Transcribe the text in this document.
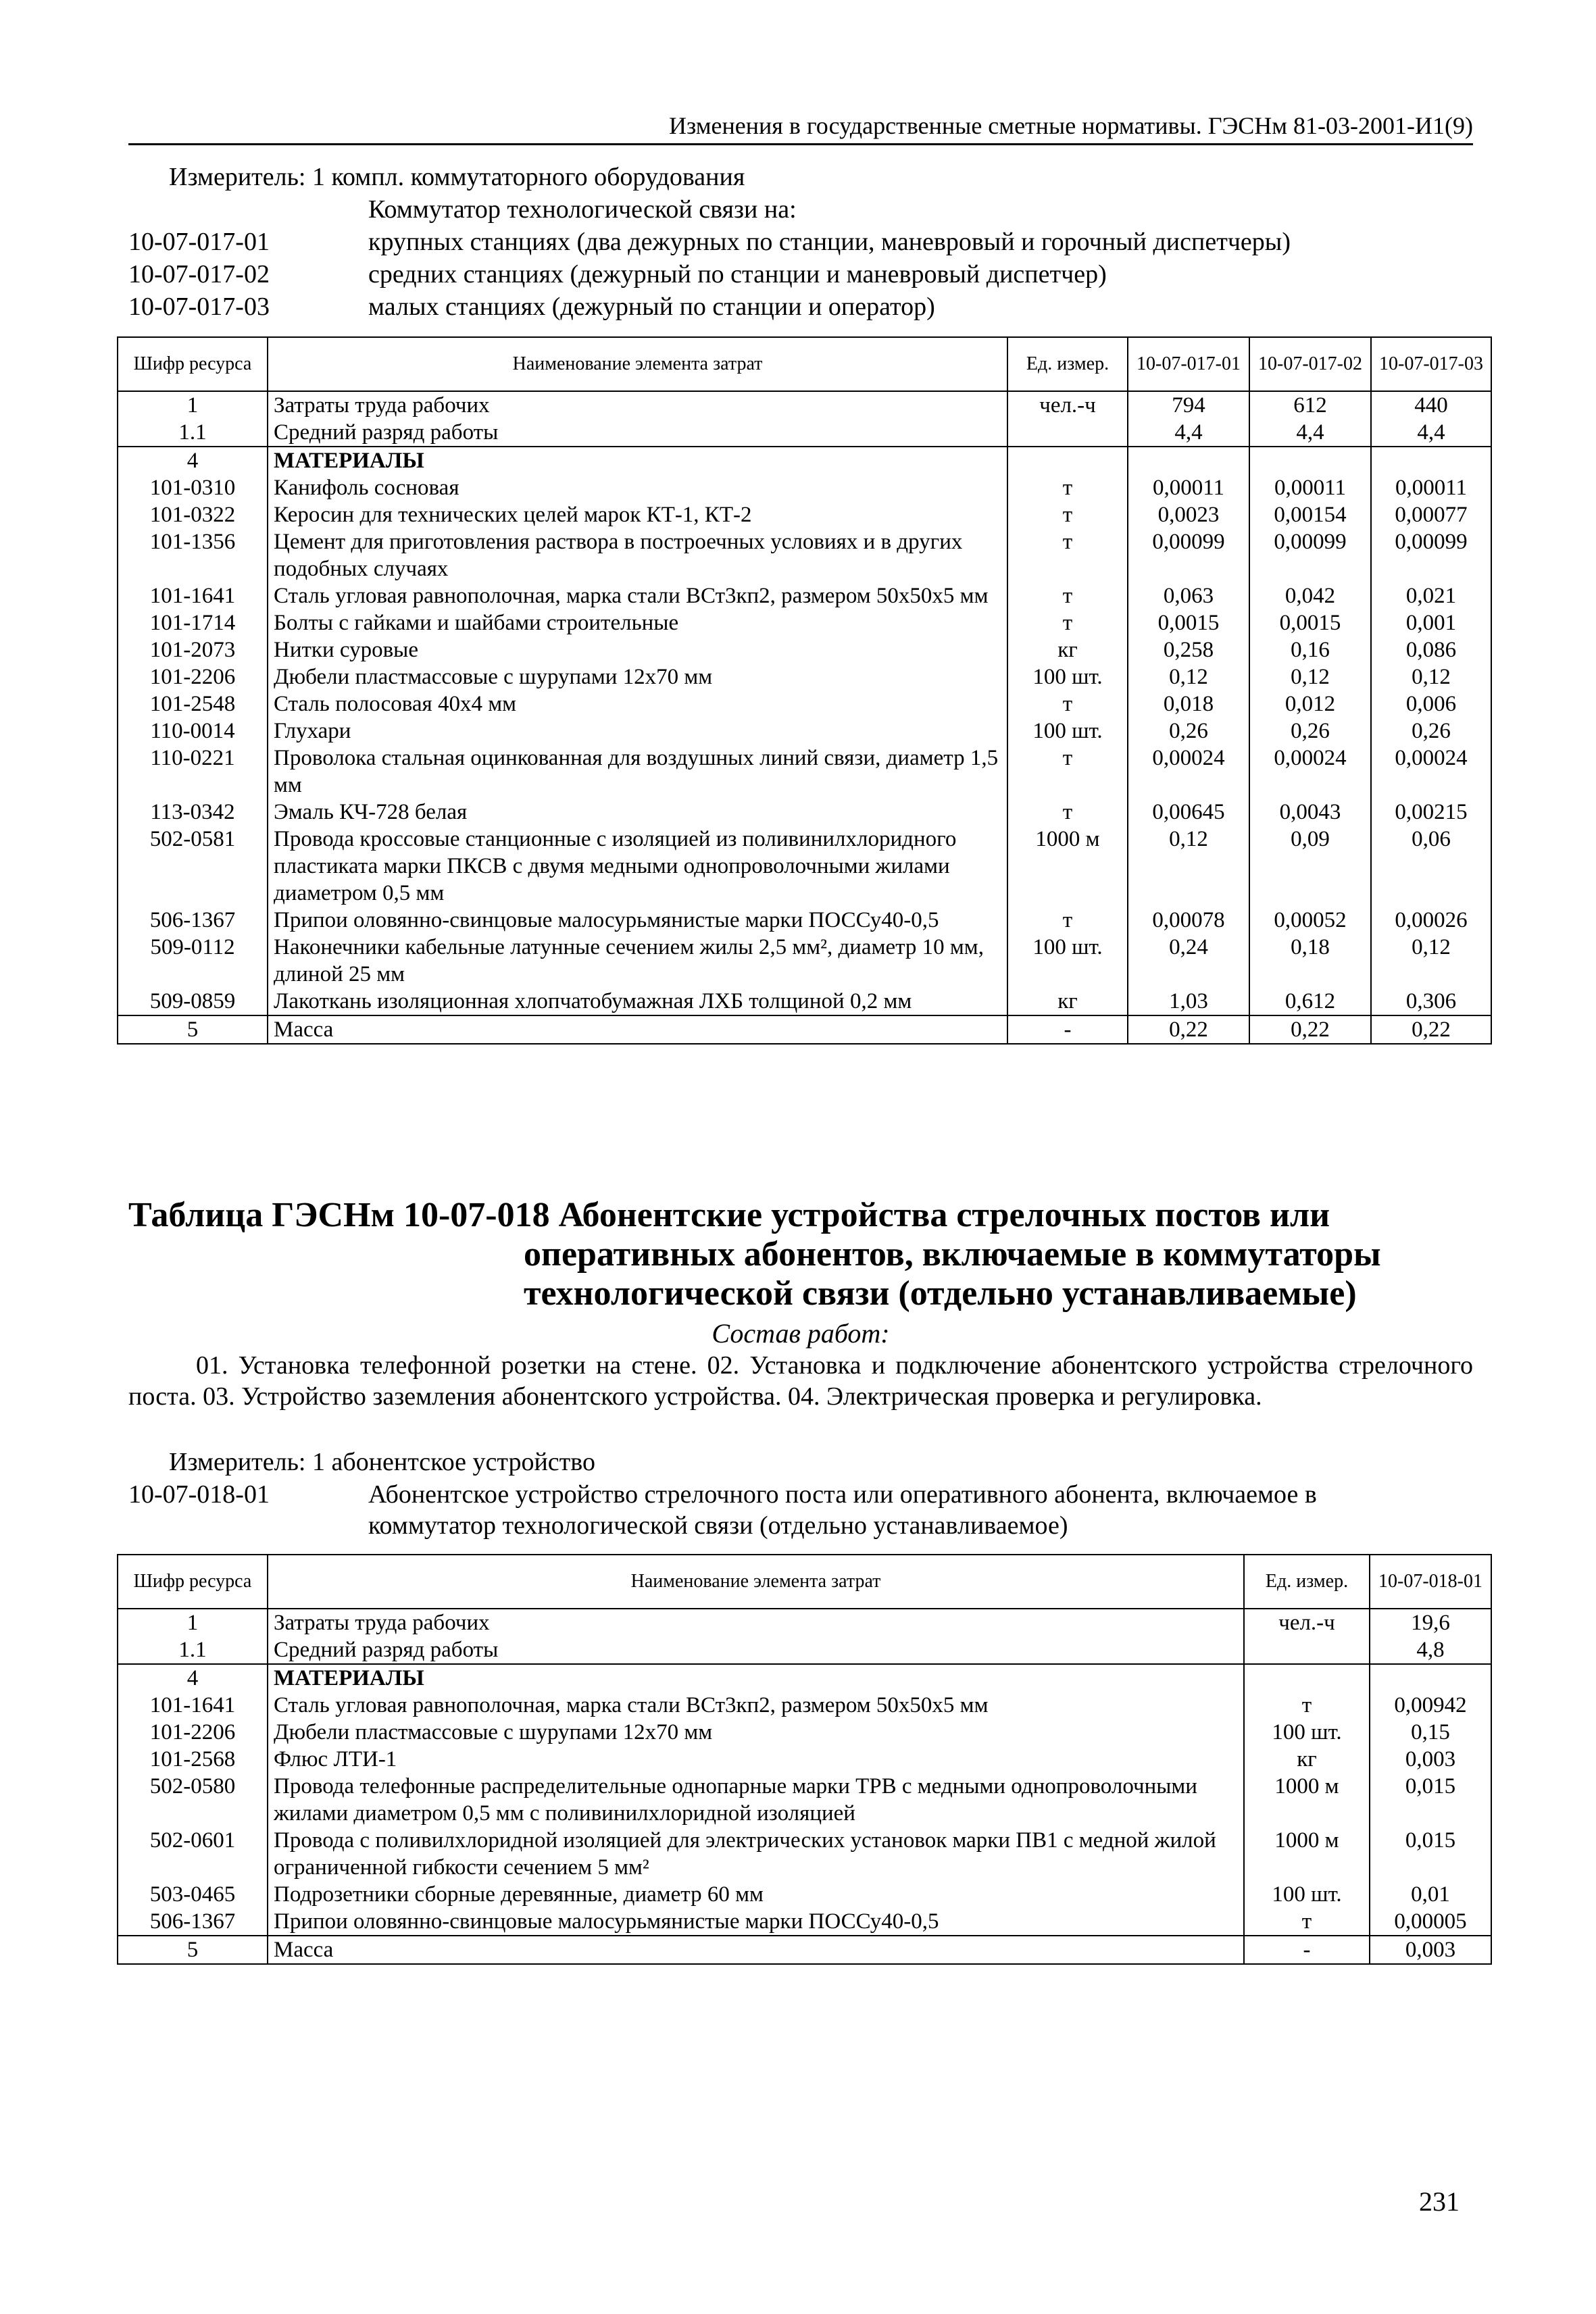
Изменения в государственные сметные нормативы. ГЭСНм 81-03-2001-И1(9)
Измеритель: 1 компл. коммутаторного оборудования
Коммутатор технологической связи на:
10-07-017-01	крупных станциях (два дежурных по станции, маневровый и горочный диспетчеры)
10-07-017-02	средних станциях (дежурный по станции и маневровый диспетчер)
10-07-017-03	малых станциях (дежурный по станции и оператор)
Шифр ресурса	Наименование элемента затрат	Ед. измер.	10-07-017-01	10-07-017-02	10-07-017-03
1	Затраты труда рабочих	чел.-ч	794	612	440
1.1	Средний разряд работы		4,4	4,4	4,4
4	МАТЕРИАЛЫ				
101-0310	Канифоль сосновая	т	0,00011	0,00011	0,00011
101-0322	Керосин для технических целей марок КТ-1, КТ-2	т	0,0023	0,00154	0,00077
101-1356	Цемент для приготовления раствора в построечных условиях и в других подобных случаях	т	0,00099	0,00099	0,00099
101-1641	Сталь угловая равнополочная, марка стали ВСт3кп2, размером 50х50х5 мм	т	0,063	0,042	0,021
101-1714	Болты с гайками и шайбами строительные	т	0,0015	0,0015	0,001
101-2073	Нитки суровые	кг	0,258	0,16	0,086
101-2206	Дюбели пластмассовые с шурупами 12х70 мм	100 шт.	0,12	0,12	0,12
101-2548	Сталь полосовая 40х4 мм	т	0,018	0,012	0,006
110-0014	Глухари	100 шт.	0,26	0,26	0,26
110-0221	Проволока стальная оцинкованная для воздушных линий связи, диаметр 1,5 мм	т	0,00024	0,00024	0,00024
113-0342	Эмаль КЧ-728 белая	т	0,00645	0,0043	0,00215
502-0581	Провода кроссовые станционные с изоляцией из поливинилхлоридного пластиката марки ПКСВ с двумя медными однопроволочными жилами диаметром 0,5 мм	1000 м	0,12	0,09	0,06
506-1367	Припои оловянно-свинцовые малосурьмянистые марки ПОССу40-0,5	т	0,00078	0,00052	0,00026
509-0112	Наконечники кабельные латунные сечением жилы 2,5 мм², диаметр 10 мм, длиной 25 мм	100 шт.	0,24	0,18	0,12
509-0859	Лакоткань изоляционная хлопчатобумажная ЛХБ толщиной 0,2 мм	кг	1,03	0,612	0,306
5	Масса	-	0,22	0,22	0,22
Таблица ГЭСНм 10-07-018 Абонентские устройства стрелочных постов или
оперативных абонентов, включаемые в коммутаторы
технологической связи (отдельно устанавливаемые)
Состав работ:
01. Установка телефонной розетки на стене. 02. Установка и подключение абонентского устройства стрелочного поста. 03. Устройство заземления абонентского устройства. 04. Электрическая проверка и регулировка.
Измеритель: 1 абонентское устройство
10-07-018-01	Абонентское устройство стрелочного поста или оперативного абонента, включаемое в
коммутатор технологической связи (отдельно устанавливаемое)
Шифр ресурса	Наименование элемента затрат	Ед. измер.	10-07-018-01
1	Затраты труда рабочих	чел.-ч	19,6
1.1	Средний разряд работы		4,8
4	МАТЕРИАЛЫ		
101-1641	Сталь угловая равнополочная, марка стали ВСт3кп2, размером 50х50х5 мм	т	0,00942
101-2206	Дюбели пластмассовые с шурупами 12х70 мм	100 шт.	0,15
101-2568	Флюс ЛТИ-1	кг	0,003
502-0580	Провода телефонные распределительные однопарные марки ТРВ с медными однопроволочными жилами диаметром 0,5 мм с поливинилхлоридной изоляцией	1000 м	0,015
502-0601	Провода с поливилхлоридной изоляцией для электрических установок марки ПВ1 с медной жилой ограниченной гибкости сечением 5 мм²	1000 м	0,015
503-0465	Подрозетники сборные деревянные, диаметр 60 мм	100 шт.	0,01
506-1367	Припои оловянно-свинцовые малосурьмянистые марки ПОССу40-0,5	т	0,00005
5	Масса	-	0,003
231
